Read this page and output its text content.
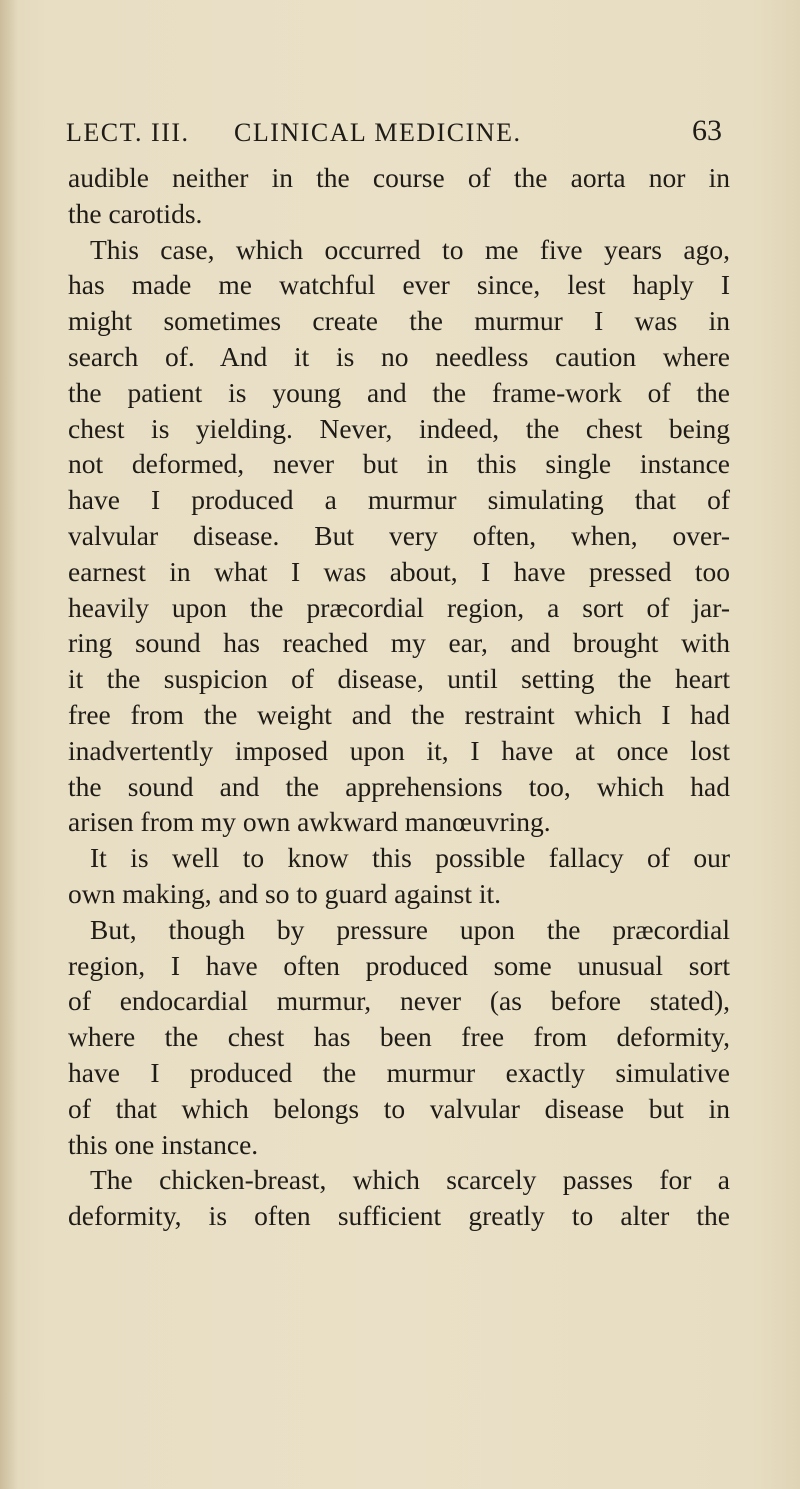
LECT. III. CLINICAL MEDICINE.	63
audible neither in the course of the aorta nor in
the carotids.
This case, which occurred to me five years ago,
has made me watchful ever since, lest haply I
might sometimes create the murmur I was in
search of. And it is no needless caution where
the patient is young and the frame-work of the
chest is yielding. Never, indeed, the chest being
not deformed, never but in this single instance
have I produced a murmur simulating that of
valvular disease. But very often, when, over-
earnest in what I was about, I have pressed too
heavily upon the præcordial region, a sort of jar-
ring sound has reached my ear, and brought with
it the suspicion of disease, until setting the heart
free from the weight and the restraint which I had
inadvertently imposed upon it, I have at once lost
the sound and the apprehensions too, which had
arisen from my own awkward manœuvring.
It is well to know this possible fallacy of our
own making, and so to guard against it.
But, though by pressure upon the præcordial
region, I have often produced some unusual sort
of endocardial murmur, never (as before stated),
where the chest has been free from deformity,
have I produced the murmur exactly simulative
of that which belongs to valvular disease but in
this one instance.
The chicken-breast, which scarcely passes for a
deformity, is often sufficient greatly to alter the
